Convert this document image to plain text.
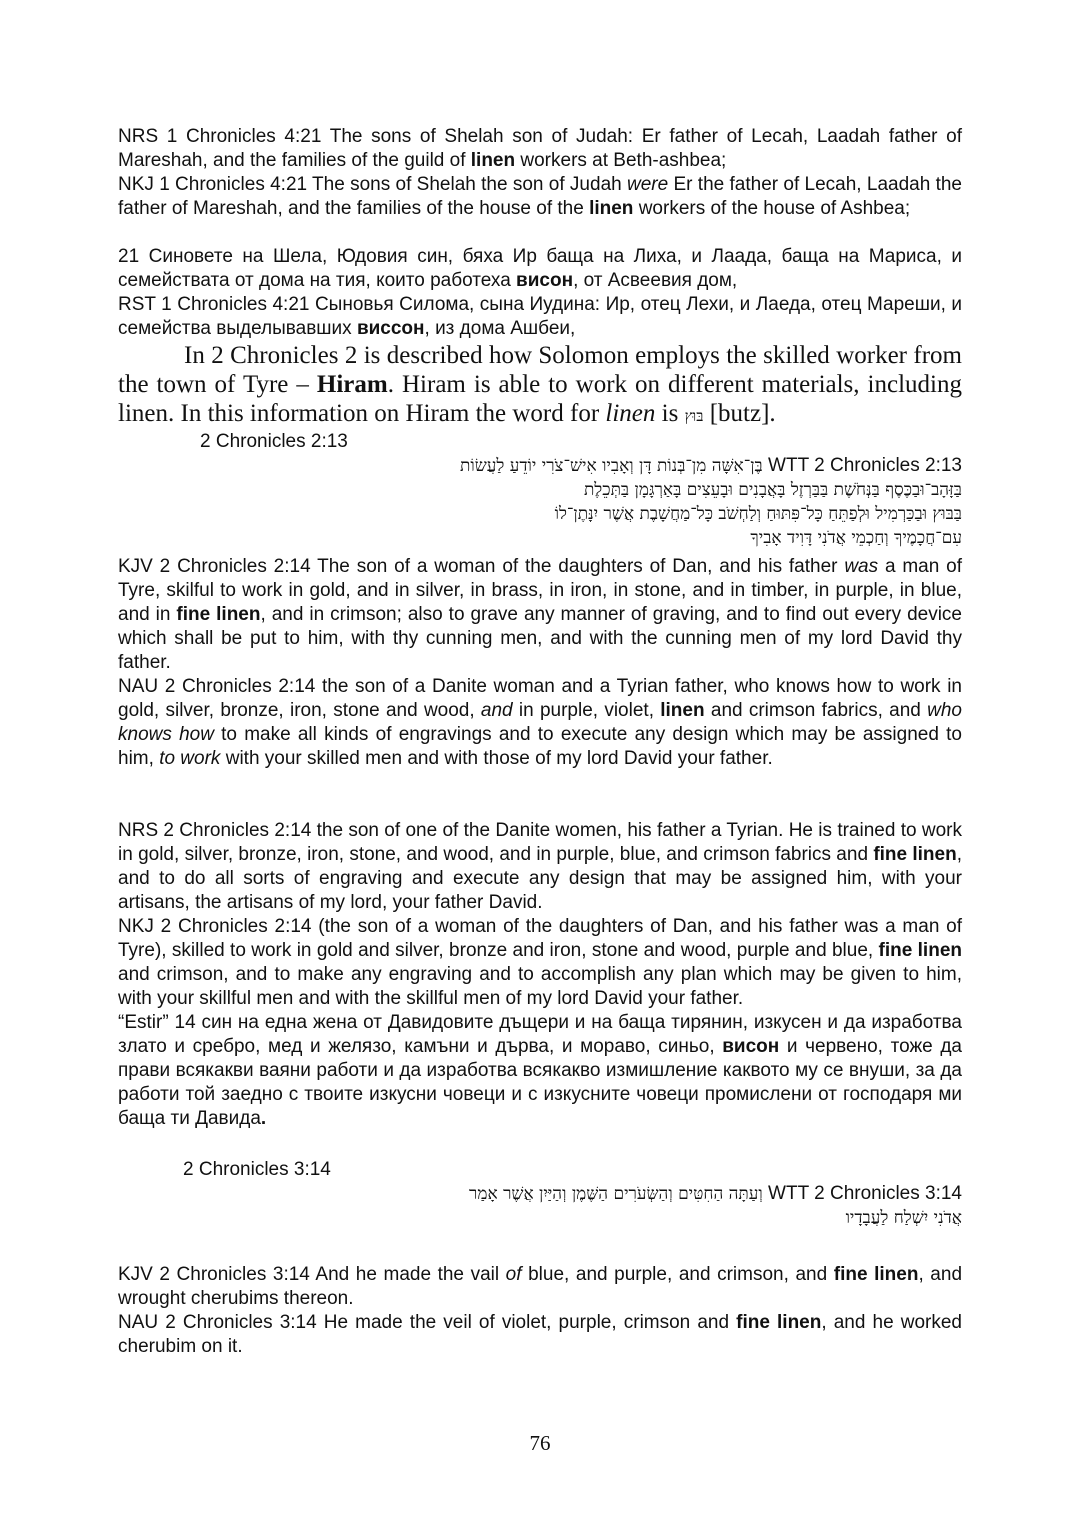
NRS 1 Chronicles 4:21 The sons of Shelah son of Judah: Er father of Lecah, Laadah father of Mareshah, and the families of the guild of linen workers at Beth-ashbea;

NKJ 1 Chronicles 4:21 The sons of Shelah the son of Judah were Er the father of Lecah, Laadah the father of Mareshah, and the families of the house of the linen workers of the house of Ashbea;

21 Синовете на Шела, Юдовия син, бяха Ир баща на Лиха, и Лаада, баща на Мариса, и семействата от дома на тия, които работеха висон, от Асвеевия дом,

RST 1 Chronicles 4:21 Сыновья Силома, сына Иудина: Ир, отец Лехи, и Лаеда, отец Мареши, и семейства выделывавших виссон, из дома Ашбеи,

In 2 Chronicles 2 is described how Solomon employs the skilled worker from the town of Tyre – Hiram. Hiram is able to work on different materials, including linen. In this information on Hiram the word for linen is בּוּץ [butz].

2 Chronicles 2:13

בֶּן־אִשָּׁה מִן־בְּנוֹת דָּן וְאָבִיו אִישׁ־צֹרִי יוֹדֵעַ לַעֲשׂוֹת WTT 2 Chronicles 2:13
בַּזָּהָב־וּבַכֶּסֶף בַּנְּחֹשֶׁת בַּבַּרְזֶל בָּאֲבָנִים וּבָעֵצִים בָּאַרְגָּמָן בַּתְּכֵלֶת
בַּבּוּץ וּבַכַּרְמִיל וּלְפַתֵּחַ כָּל־פִּתּוּחַ וְלַחְשֹׁב כָּל־מַחֲשָׁבֶת אֲשֶׁר יִנָּתֶן־לוֹ
עִם־חֲכָמֶיךָ וְחַכְמֵי אֲדֹנִי דָּוִיד אָבִיךָ

KJV 2 Chronicles 2:14 The son of a woman of the daughters of Dan, and his father was a man of Tyre, skilful to work in gold, and in silver, in brass, in iron, in stone, and in timber, in purple, in blue, and in fine linen, and in crimson; also to grave any manner of graving, and to find out every device which shall be put to him, with thy cunning men, and with the cunning men of my lord David thy father.

NAU 2 Chronicles 2:14 the son of a Danite woman and a Tyrian father, who knows how to work in gold, silver, bronze, iron, stone and wood, and in purple, violet, linen and crimson fabrics, and who knows how to make all kinds of engravings and to execute any design which may be assigned to him, to work with your skilled men and with those of my lord David your father.

NRS 2 Chronicles 2:14 the son of one of the Danite women, his father a Tyrian. He is trained to work in gold, silver, bronze, iron, stone, and wood, and in purple, blue, and crimson fabrics and fine linen, and to do all sorts of engraving and execute any design that may be assigned him, with your artisans, the artisans of my lord, your father David.

NKJ 2 Chronicles 2:14 (the son of a woman of the daughters of Dan, and his father was a man of Tyre), skilled to work in gold and silver, bronze and iron, stone and wood, purple and blue, fine linen and crimson, and to make any engraving and to accomplish any plan which may be given to him, with your skillful men and with the skillful men of my lord David your father.

“Estir” 14 син на една жена от Давидовите дъщери и на баща тирянин, изкусен и да изработва злато и сребро, мед и желязо, камъни и дърва, и мораво, синьо, висон и червено, тоже да прави всякакви ваяни работи и да изработва всякакво измишление каквото му се внуши, за да работи той заедно с твоите изкусни човеци и с изкусните човеци промислени от господаря ми баща ти Давида.

2 Chronicles 3:14

וְעַתָּה הַחִטִּים וְהַשְּׂעֹרִים הַשֶּׁמֶן וְהַיַּיִן אֲשֶׁר אָמַר WTT 2 Chronicles 3:14
אֲדֹנִי יִשְׁלַח לַעֲבָדָיו

KJV 2 Chronicles 3:14 And he made the vail of blue, and purple, and crimson, and fine linen, and wrought cherubims thereon.

NAU 2 Chronicles 3:14 He made the veil of violet, purple, crimson and fine linen, and he worked cherubim on it.

76
